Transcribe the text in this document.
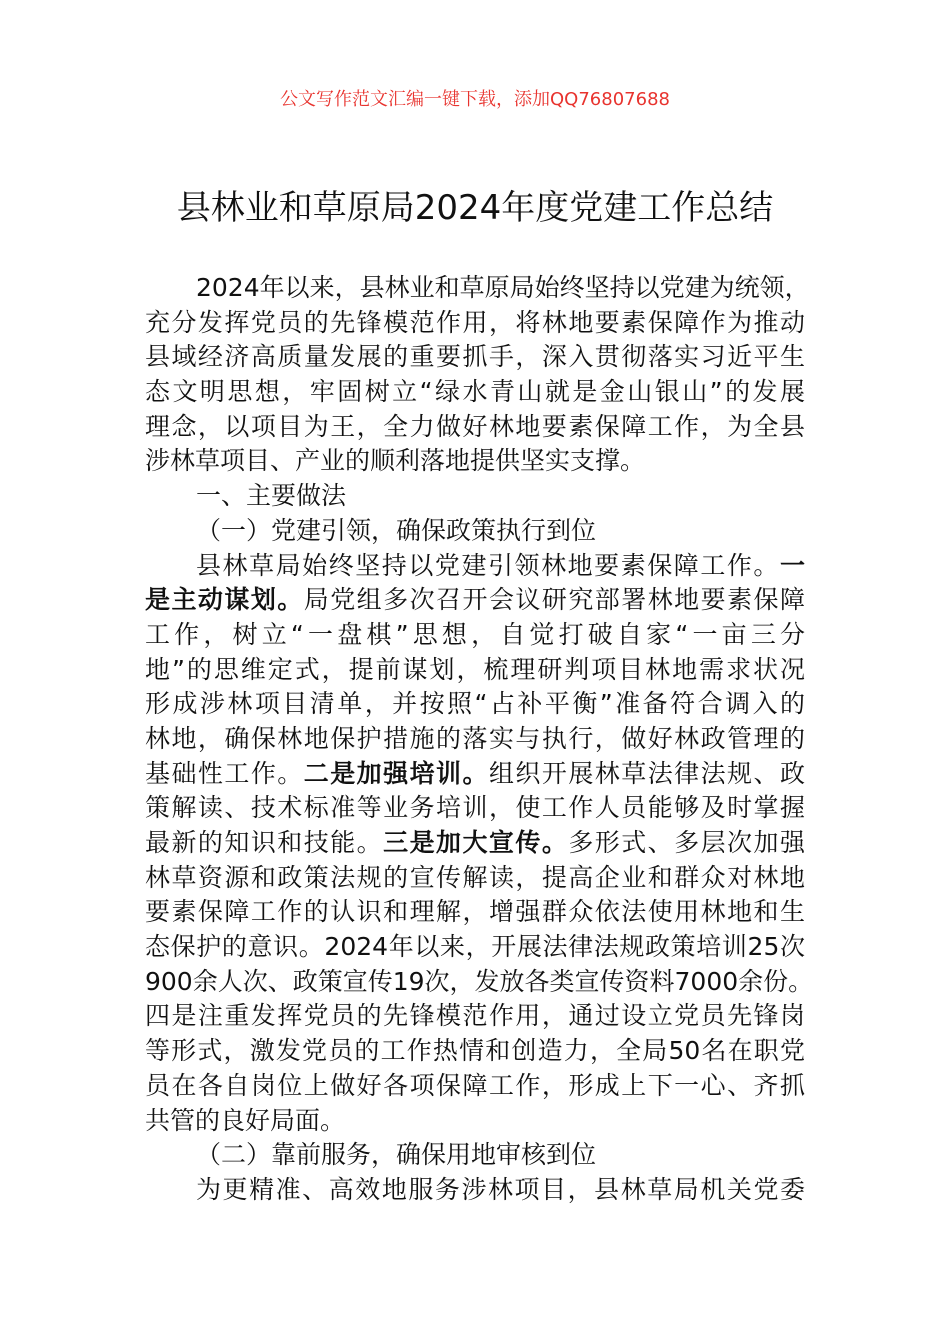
公文写作范文汇编一键下载，添加QQ76807688
县林业和草原局2024年度党建工作总结
2024年以来，县林业和草原局始终坚持以党建为统领，
充分发挥党员的先锋模范作用，将林地要素保障作为推动
县域经济高质量发展的重要抓手，深入贯彻落实习近平生
态文明思想，牢固树立“绿水青山就是金山银山”的发展
理念，以项目为王，全力做好林地要素保障工作，为全县
涉林草项目、产业的顺利落地提供坚实支撑。
一、主要做法
（一）党建引领，确保政策执行到位
县林草局始终坚持以党建引领林地要素保障工作。一
是主动谋划。局党组多次召开会议研究部署林地要素保障
工作，树立“一盘棋”思想，自觉打破自家“一亩三分
地”的思维定式，提前谋划，梳理研判项目林地需求状况
形成涉林项目清单，并按照“占补平衡”准备符合调入的
林地，确保林地保护措施的落实与执行，做好林政管理的
基础性工作。二是加强培训。组织开展林草法律法规、政
策解读、技术标准等业务培训，使工作人员能够及时掌握
最新的知识和技能。三是加大宣传。多形式、多层次加强
林草资源和政策法规的宣传解读，提高企业和群众对林地
要素保障工作的认识和理解，增强群众依法使用林地和生
态保护的意识。2024年以来，开展法律法规政策培训25次
900余人次、政策宣传19次，发放各类宣传资料7000余份。
四是注重发挥党员的先锋模范作用，通过设立党员先锋岗
等形式，激发党员的工作热情和创造力，全局50名在职党
员在各自岗位上做好各项保障工作，形成上下一心、齐抓
共管的良好局面。
（二）靠前服务，确保用地审核到位
为更精准、高效地服务涉林项目，县林草局机关党委
